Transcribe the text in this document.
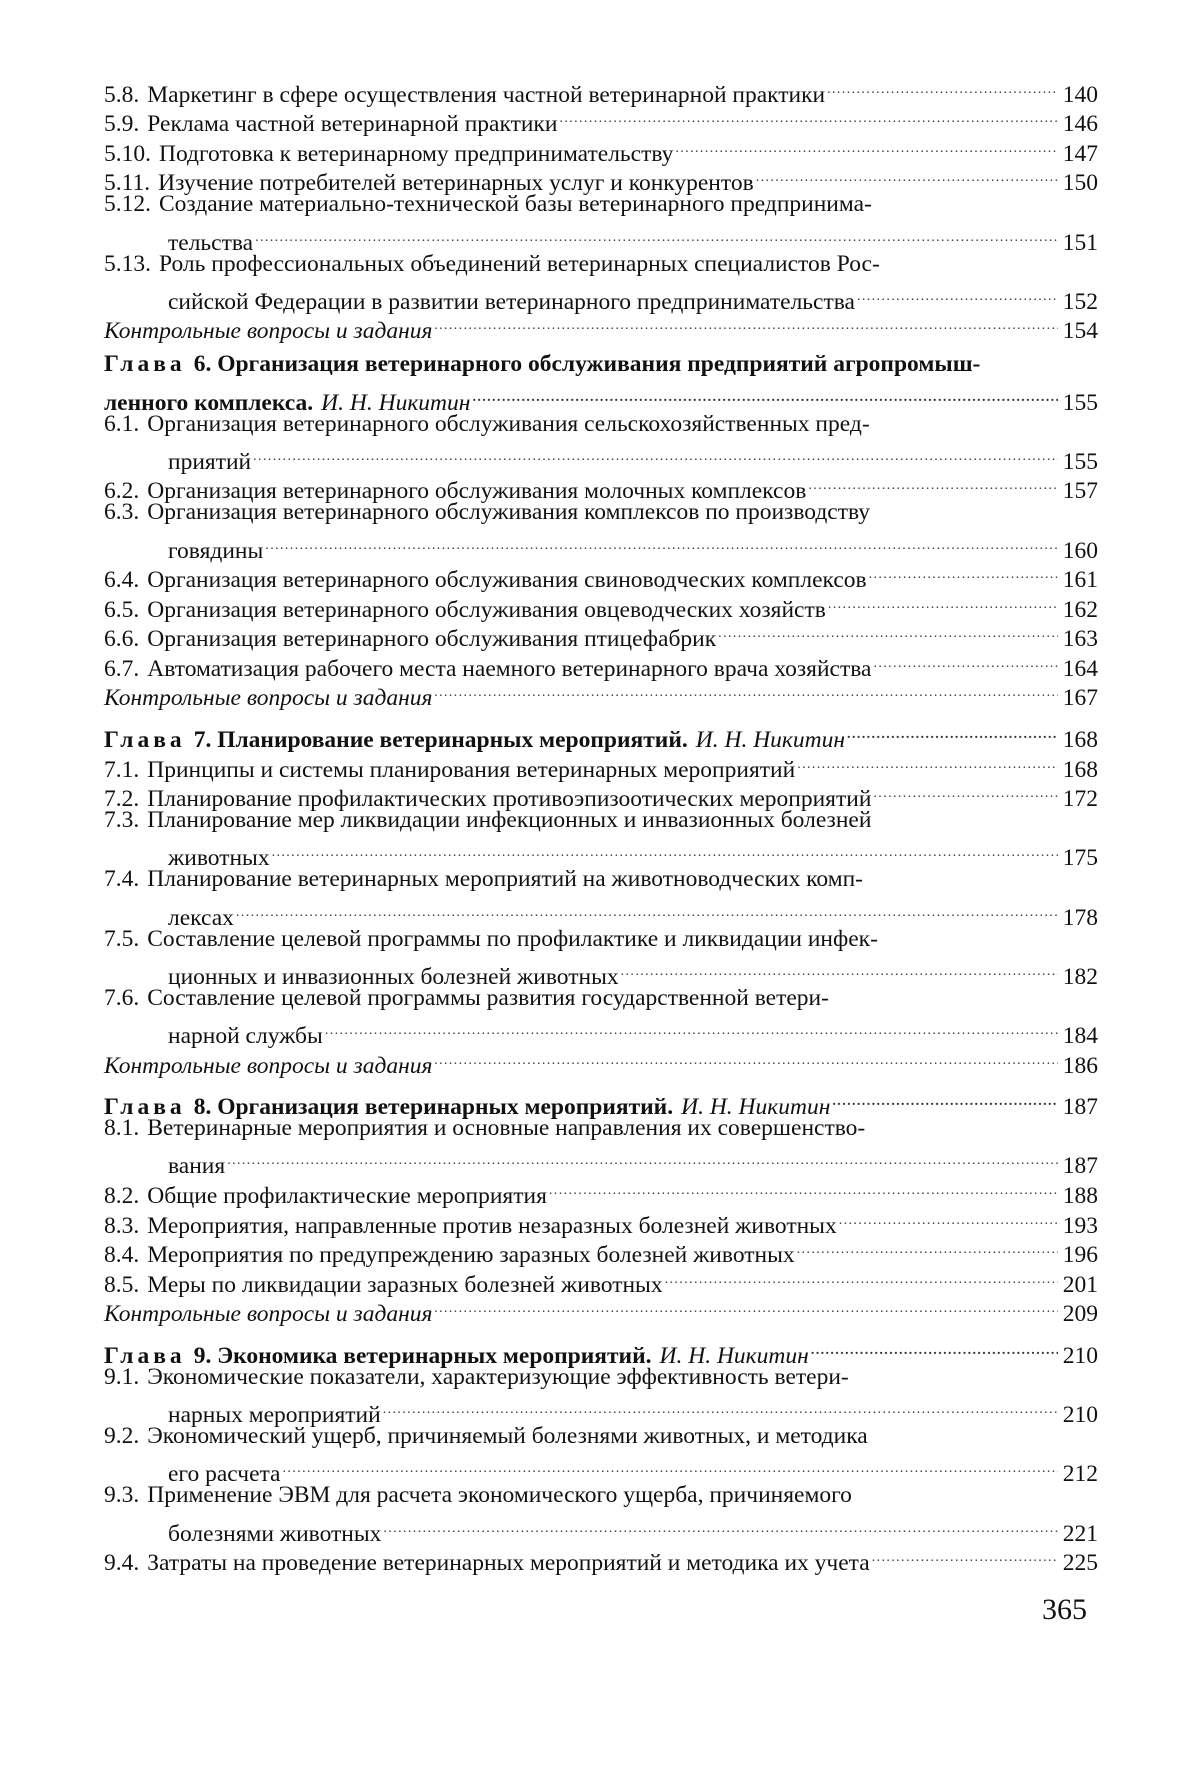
5.8. Маркетинг в сфере осуществления частной ветеринарной практики .....	140
5.9. Реклама частной ветеринарной практики .....	146
5.10. Подготовка к ветеринарному предпринимательству .....	147
5.11. Изучение потребителей ветеринарных услуг и конкурентов .....	150
5.12. Создание материально-технической базы ветеринарного предпринима-
тельства .....	151
5.13. Роль профессиональных объединений ветеринарных специалистов Рос-
сийской Федерации в развитии ветеринарного предпринимательства .....	152
Контрольные вопросы и задания .....	154
Глава 6. Организация ветеринарного обслуживания предприятий агропромыш-
ленного комплекса. И. Н. Никитин .....	155
6.1. Организация ветеринарного обслуживания сельскохозяйственных пред-
приятий .....	155
6.2. Организация ветеринарного обслуживания молочных комплексов .....	157
6.3. Организация ветеринарного обслуживания комплексов по производству
говядины .....	160
6.4. Организация ветеринарного обслуживания свиноводческих комплексов .....	161
6.5. Организация ветеринарного обслуживания овцеводческих хозяйств .....	162
6.6. Организация ветеринарного обслуживания птицефабрик .....	163
6.7. Автоматизация рабочего места наемного ветеринарного врача хозяйства .....	164
Контрольные вопросы и задания .....	167
Глава 7. Планирование ветеринарных мероприятий. И. Н. Никитин .....	168
7.1. Принципы и системы планирования ветеринарных мероприятий .....	168
7.2. Планирование профилактических противоэпизоотических мероприятий .....	172
7.3. Планирование мер ликвидации инфекционных и инвазионных болезней
животных .....	175
7.4. Планирование ветеринарных мероприятий на животноводческих комп-
лексах .....	178
7.5. Составление целевой программы по профилактике и ликвидации инфек-
ционных и инвазионных болезней животных .....	182
7.6. Составление целевой программы развития государственной ветери-
нарной службы .....	184
Контрольные вопросы и задания .....	186
Глава 8. Организация ветеринарных мероприятий. И. Н. Никитин .....	187
8.1. Ветеринарные мероприятия и основные направления их совершенство-
вания .....	187
8.2. Общие профилактические мероприятия .....	188
8.3. Мероприятия, направленные против незаразных болезней животных .....	193
8.4. Мероприятия по предупреждению заразных болезней животных .....	196
8.5. Меры по ликвидации заразных болезней животных .....	201
Контрольные вопросы и задания .....	209
Глава 9. Экономика ветеринарных мероприятий. И. Н. Никитин .....	210
9.1. Экономические показатели, характеризующие эффективность ветери-
нарных мероприятий .....	210
9.2. Экономический ущерб, причиняемый болезнями животных, и методика
его расчета .....	212
9.3. Применение ЭВМ для расчета экономического ущерба, причиняемого
болезнями животных .....	221
9.4. Затраты на проведение ветеринарных мероприятий и методика их учета .....	225
365
